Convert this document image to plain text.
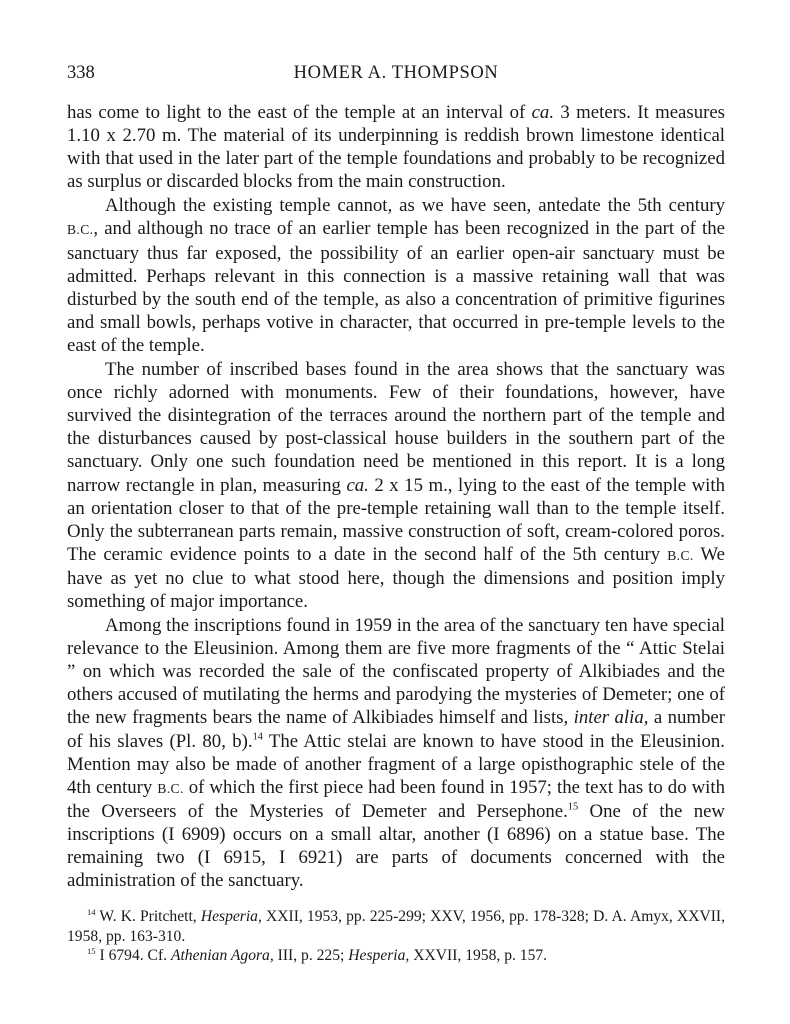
338	HOMER A. THOMPSON

has come to light to the east of the temple at an interval of ca. 3 meters. It measures 1.10 x 2.70 m. The material of its underpinning is reddish brown limestone identical with that used in the later part of the temple foundations and probably to be recognized as surplus or discarded blocks from the main construction.

Although the existing temple cannot, as we have seen, antedate the 5th century B.C., and although no trace of an earlier temple has been recognized in the part of the sanctuary thus far exposed, the possibility of an earlier open-air sanctuary must be admitted. Perhaps relevant in this connection is a massive retaining wall that was disturbed by the south end of the temple, as also a concentration of primitive figurines and small bowls, perhaps votive in character, that occurred in pre-temple levels to the east of the temple.

The number of inscribed bases found in the area shows that the sanctuary was once richly adorned with monuments. Few of their foundations, however, have survived the disintegration of the terraces around the northern part of the temple and the disturbances caused by post-classical house builders in the southern part of the sanctuary. Only one such foundation need be mentioned in this report. It is a long narrow rectangle in plan, measuring ca. 2 x 15 m., lying to the east of the temple with an orientation closer to that of the pre-temple retaining wall than to the temple itself. Only the subterranean parts remain, massive construction of soft, cream-colored poros. The ceramic evidence points to a date in the second half of the 5th century B.C. We have as yet no clue to what stood here, though the dimensions and position imply something of major importance.

Among the inscriptions found in 1959 in the area of the sanctuary ten have special relevance to the Eleusinion. Among them are five more fragments of the “ Attic Stelai ” on which was recorded the sale of the confiscated property of Alkibiades and the others accused of mutilating the herms and parodying the mysteries of Demeter; one of the new fragments bears the name of Alkibiades himself and lists, inter alia, a number of his slaves (Pl. 80, b).$^{14}$ The Attic stelai are known to have stood in the Eleusinion. Mention may also be made of another fragment of a large opisthographic stele of the 4th century B.C. of which the first piece had been found in 1957; the text has to do with the Overseers of the Mysteries of Demeter and Persephone.$^{15}$ One of the new inscriptions (I 6909) occurs on a small altar, another (I 6896) on a statue base. The remaining two (I 6915, I 6921) are parts of documents concerned with the administration of the sanctuary.

$^{14}$ W. K. Pritchett, Hesperia, XXII, 1953, pp. 225-299; XXV, 1956, pp. 178-328; D. A. Amyx, XXVII, 1958, pp. 163-310.

$^{15}$ I 6794. Cf. Athenian Agora, III, p. 225; Hesperia, XXVII, 1958, p. 157.
